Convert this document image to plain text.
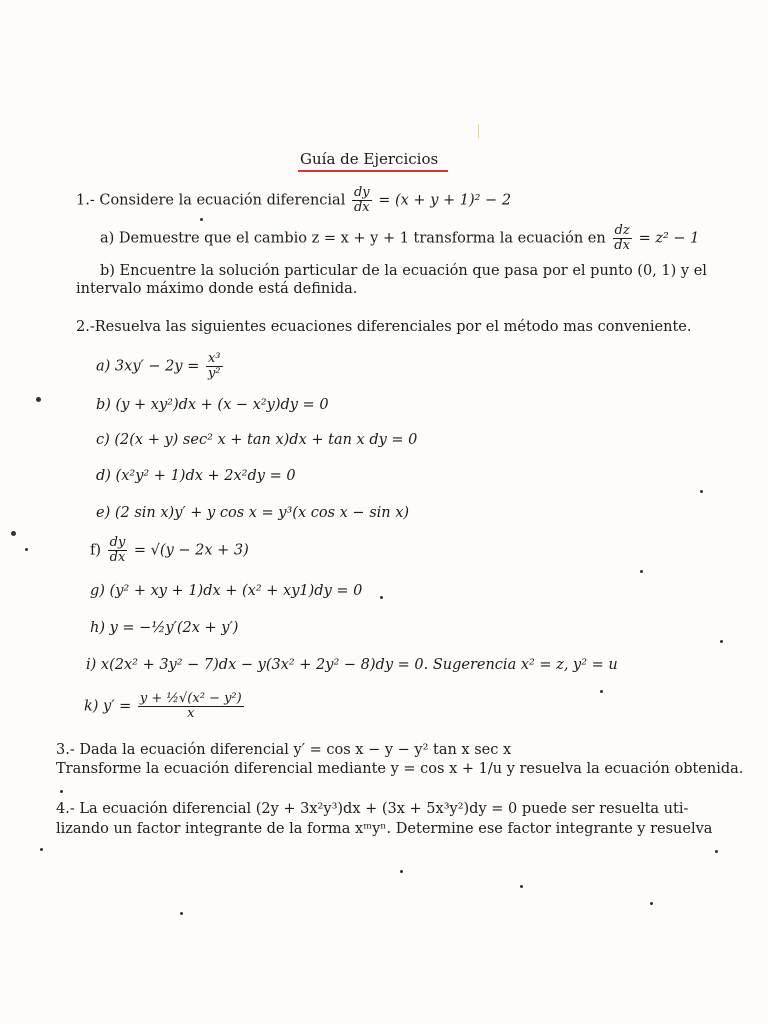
Guía de Ejercicios
1.- Considere la ecuación diferencial $\frac{dy}{dx} = (x + y + 1)^2 - 2$
a) Demuestre que el cambio z = x + y + 1 transforma la ecuación en $\frac{dz}{dx} = z^2 - 1$
b) Encuentre la solución particular de la ecuación que pasa por el punto (0, 1) y el
intervalo máximo donde está definida.
2.-Resuelva las siguientes ecuaciones diferenciales por el método mas conveniente.
a) $3xy' - 2y = \frac{\text{x³}}{\text{y²}}$
b) (y + xy²)dx + (x − x²y)dy = 0
c) (2(x + y) sec² x + tan x)dx + tan x dy = 0
d) (x²y² + 1)dx + 2x²dy = 0
e) (2 sin x)y′ + y cos x = y³(x cos x − sin x)
$f) \frac{dy}{dx} = √(y - 2x + 3)$
g) (y² + xy + 1)dx + (x² + xy1)dy = 0
h) y = −½y′(2x + y′)
i) x(2x² + 3y² − 7)dx − y(3x² + 2y² − 8)dy = 0. Sugerencia x² = z, y² = u
k) $y' = \frac{\text{y + ½√(x² − y²)}}{x}$
3.- Dada la ecuación diferencial y′ = cos x − y − y² tan x sec x
Transforme la ecuación diferencial mediante y = cos x + 1/u y resuelva la ecuación obtenida.
4.- La ecuación diferencial (2y + 3x²y³)dx + (3x + 5x³y²)dy = 0 puede ser resuelta uti-
lizando un factor integrante de la forma xᵐyⁿ. Determine ese factor integrante y resuelva
